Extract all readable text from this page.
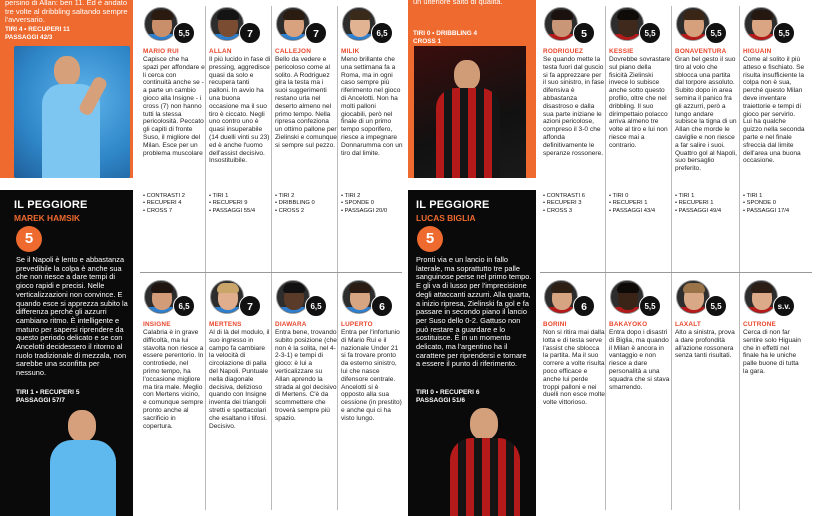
persino di Allan: ben 11. Ed è andato tre volte al dribbling saltando sempre l'avversario.
TIRI 4 • RECUPERI 11
PASSAGGI 42/3
IL PEGGIORE
MAREK HAMSIK
5
Se il Napoli è lento e abbastanza prevedibile la colpa è anche sua che non riesce a dare tempi di gioco rapidi e precisi. Nelle verticalizzazioni non convince. E quando esce si apprezza subito la differenza perché gli azzurri cambiano ritmo. È intelligente e maturo per sapersi riprendere da questo periodo delicato e se con Ancelotti decidessero il ritorno al ruolo tradizionale di mezzala, non sarebbe una sconfitta per nessuno.
TIRI 1 • RECUPERI 5
PASSAGGI 57/7
un ulteriore salto di qualità.
TIRI 0 • DRIBBLING 4
CROSS 1
IL PEGGIORE
LUCAS BIGLIA
5
Pronti via e un lancio in fallo laterale, ma soprattutto tre palle sanguinose perse nel primo tempo. E gli va di lusso per l'imprecisione degli attaccanti azzurri. Alla quarta, a inizio ripresa, Zielinski fa gol e fa passare in secondo piano il lancio per Suso dello 0-2. Gattuso non può restare a guardare e lo sostituisce. È in un momento delicato, ma l'argentino ha il carattere per riprendersi e tornare a essere il punto di riferimento.
TIRI 0 • RECUPERI 6
PASSAGGI 51/6
5,5
MARIO RUI
Capisce che ha spazi per affondare e li cerca con continuità anche se - a parte un cambio gioco alla Insigne - i cross (7) non hanno tutti la stessa pericolosità. Peccato gli capiti di fronte Suso, il migliore del Milan. Esce per un problema muscolare
• CONTRASTI 2
• RECUPERI 4
• CROSS 7
7
ALLAN
Il più lucido in fase di pressing, aggredisce quasi da solo e recupera tanti palloni. In avvio ha una buona occasione ma il suo tiro è ciccato. Negli uno contro uno è quasi insuperabile (14 duelli vinti su 23) ed è anche l'uomo dell'assist decisivo. Insostituibile.
• TIRI 1
• RECUPERI 9
• PASSAGGI 55/4
7
CALLEJON
Bello da vedere e pericoloso come al solito. A Rodriguez gira la testa ma i suoi suggerimenti restano urla nel deserto almeno nel primo tempo. Nella ripresa confeziona un ottimo pallone per Zielinski e comunque si sempre sul pezzo.
• TIRI 2
• DRIBBLING 0
• CROSS 2
6,5
MILIK
Meno brillante che una settimana fa a Roma, ma in ogni caso sempre più riferimento nel gioco di Ancelotti. Non ha molti palloni giocabili, però nel finale di un primo tempo soporifero, riesce a impegnare Donnarumma con un tiro dal limite.
• TIRI 2
• SPONDE 0
• PASSAGGI 20/0
6,5
INSIGNE
Calabria è in grave difficoltà, ma lui stavolta non riesce a essere perentorio. In controtiede, nel primo tempo, ha l'occasione migliore ma tira male. Meglio con Mertens vicino, e comunque sempre pronto anche al sacrificio in copertura.
7
MERTENS
Al di là del modulo, il suo ingresso in campo fa cambiare la velocità di circolazione di palla del Napoli. Puntuale nella diagonale decisiva, delizioso quando con Insigne inventa dei triangoli stretti e spettacolari che esaltano i tifosi. Decisivo.
6,5
DIAWARA
Entra bene, trovando subito posizione (che non è la solita, nel 4-2-3-1) e tempi di gioco: è lui a verticalizzare su Allan aprendo la strada al gol decisivo di Mertens. C'è da scommettere che troverà sempre più spazio.
6
LUPERTO
Entra per l'infortunio di Mario Rui e il nazionale Under 21 si fa trovare pronto da esterno sinistro, lui che nasce difensore centrale. Ancelotti si è opposto alla sua cessione (in prestito) e anche qui ci ha visto lungo.
5
RODRIGUEZ
Se quando mette la testa fuori dal guscio si fa apprezzare per il suo sinistro, in fase difensiva è abbastanza disastroso e dalla sua parte iniziane le azioni pericolose, compreso il 3-0 che affonda definitivamente le speranze rossonere.
• CONTRASTI 6
• RECUPERI 3
• CROSS 3
5,5
KESSIE
Dovrebbe sovrastare sul piano della fisicità Zielinski invece lo subisce anche sotto questo profilo, oltre che nel dribbling. Il suo dirimpettaio polacco arriva almeno tre volte al tiro e lui non riesce mai a contrario.
• TIRI 0
• RECUPERI 1
• PASSAGGI 43/4
5,5
BONAVENTURA
Gran bel gesto il suo tiro al volo che sblocca una partita dal torpore assoluto. Subito dopo in area semina il panico fra gli azzurri, però a lungo andare subisce la tigna di un Allan che morde le caviglie e non riesce a far salire i suoi. Quattro gol al Napoli, suo bersaglio preferito.
• TIRI 1
• RECUPERI 1
• PASSAGGI 49/4
5,5
HIGUAIN
Come al solito il più atteso e fischiato. Se risulta insufficiente la colpa non è sua, perché questo Milan deve inventare traiettorie e tempi di gioco per servirlo. Lui ha qualche guizzo nella seconda parte e nel finale sfreccia dal limite dell'area una buona occasione.
• TIRI 1
• SPONDE 0
• PASSAGGI 17/4
6
BORINI
Non si ritira mai dalla lotta e di testa serve l'assist che sblocca la partita. Ma il suo correre a volte risulta poco efficace e anche lui perde troppi palloni e nei duelli non esce molte volte vittorioso.
5,5
BAKAYOKO
Entra dopo i disastri di Biglia, ma quando il Milan è ancora in vantaggio e non riesce a dare personalità a una squadra che si stava smarrendo.
5,5
LAXALT
Alto a sinistra, prova a dare profondità all'azione rossonera senza tanti risultati.
s.v.
CUTRONE
Cerca di non far sentire solo Higuain che in effetti nel finale ha le uniche palle buone di tutta la gara.
